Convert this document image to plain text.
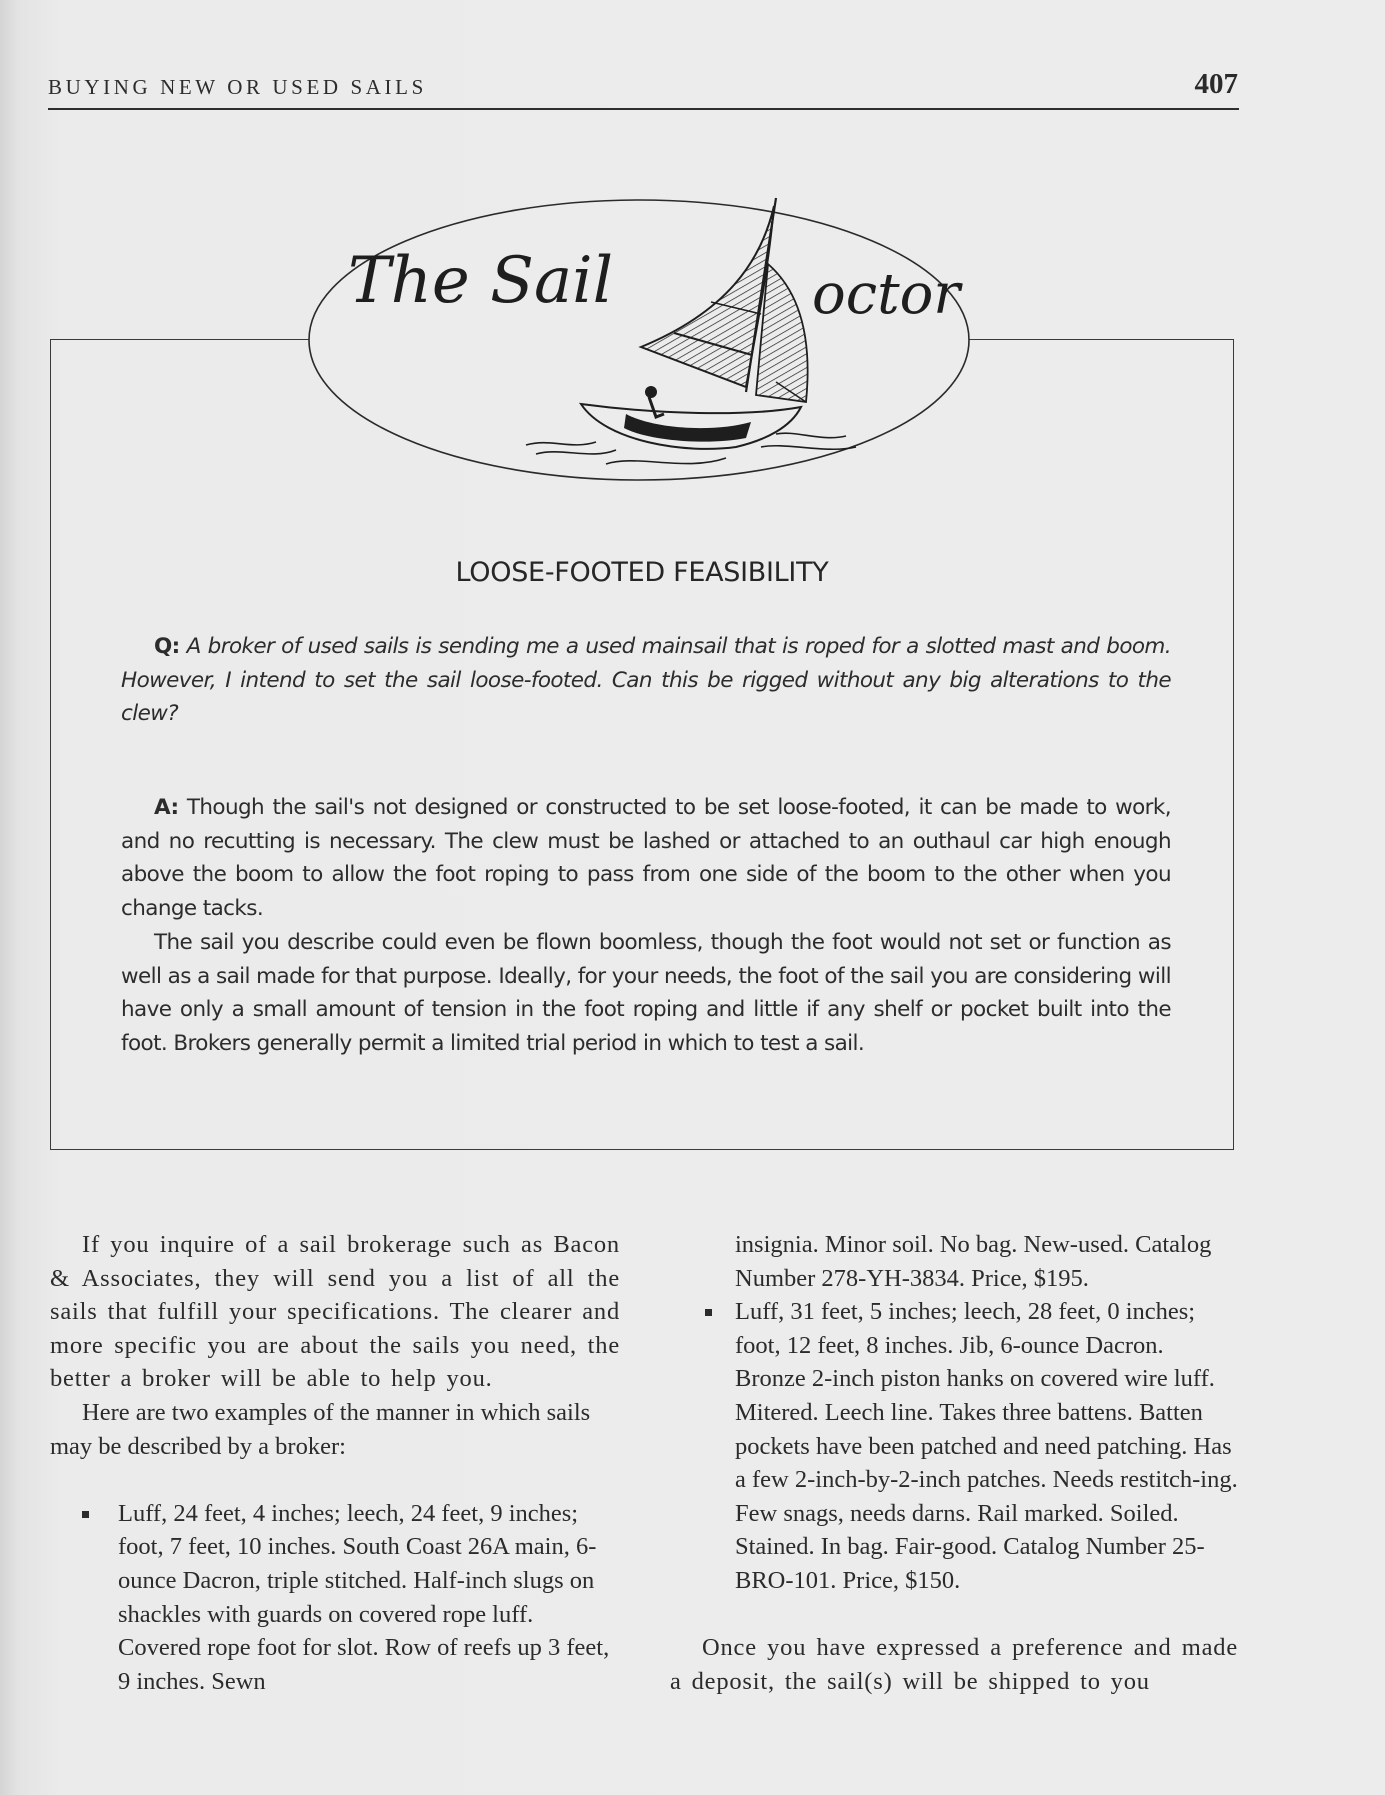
BUYING NEW OR USED SAILS	407
The Sail	octor
LOOSE-FOOTED FEASIBILITY

Q: A broker of used sails is sending me a used mainsail that is roped for a slotted mast and boom. However, I intend to set the sail loose-footed. Can this be rigged without any big alterations to the clew?

A: Though the sail's not designed or constructed to be set loose-footed, it can be made to work, and no recutting is necessary. The clew must be lashed or attached to an outhaul car high enough above the boom to allow the foot roping to pass from one side of the boom to the other when you change tacks.

The sail you describe could even be flown boomless, though the foot would not set or function as well as a sail made for that purpose. Ideally, for your needs, the foot of the sail you are considering will have only a small amount of tension in the foot roping and little if any shelf or pocket built into the foot. Brokers generally permit a limited trial period in which to test a sail.

If you inquire of a sail brokerage such as Bacon & Associates, they will send you a list of all the sails that fulfill your specifications. The clearer and more specific you are about the sails you need, the better a broker will be able to help you.

Here are two examples of the manner in which sails may be described by a broker:

Luff, 24 feet, 4 inches; leech, 24 feet, 9 inches; foot, 7 feet, 10 inches. South Coast 26A main, 6-ounce Dacron, triple stitched. Half-inch slugs on shackles with guards on covered rope luff. Covered rope foot for slot. Row of reefs up 3 feet, 9 inches. Sewn
insignia. Minor soil. No bag. New-used. Catalog Number 278-YH-3834. Price, $195.
Luff, 31 feet, 5 inches; leech, 28 feet, 0 inches; foot, 12 feet, 8 inches. Jib, 6-ounce Dacron. Bronze 2-inch piston hanks on covered wire luff. Mitered. Leech line. Takes three battens. Batten pockets have been patched and need patching. Has a few 2-inch-by-2-inch patches. Needs restitch-ing. Few snags, needs darns. Rail marked. Soiled. Stained. In bag. Fair-good. Catalog Number 25-BRO-101. Price, $150.

Once you have expressed a preference and made a deposit, the sail(s) will be shipped to you
